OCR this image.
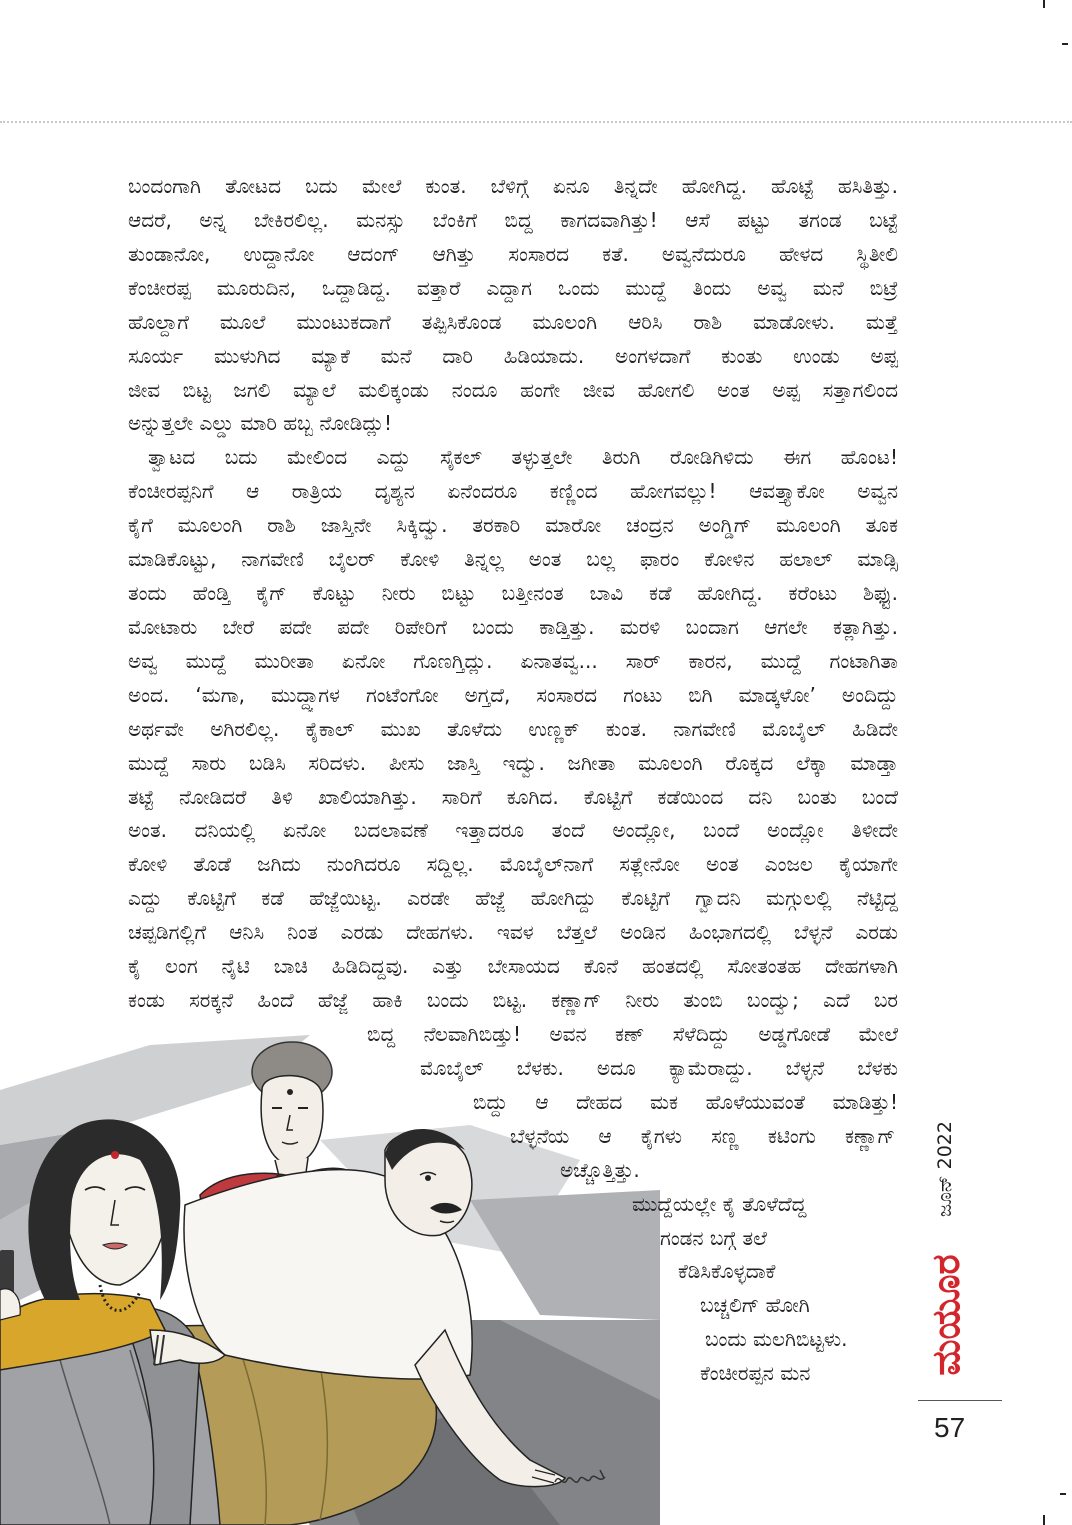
ಬಂದಂಗಾಗಿ ತೋಟದ ಬದು ಮೇಲೆ ಕುಂತ. ಬೆಳಿಗ್ಗೆ ಏನೂ ತಿನ್ನದೇ ಹೋಗಿದ್ದ. ಹೊಟ್ಟೆ ಹಸಿತಿತ್ತು.
ಆದರೆ, ಅನ್ನ ಬೇಕಿರಲಿಲ್ಲ. ಮನಸ್ಸು ಬೆಂಕಿಗೆ ಬಿದ್ದ ಕಾಗದವಾಗಿತ್ತು! ಆಸೆ ಪಟ್ಟು ತಗಂಡ ಬಟ್ಟೆ
ತುಂಡಾನೋ, ಉದ್ದಾನೋ ಆದಂಗ್ ಆಗಿತ್ತು ಸಂಸಾರದ ಕತೆ. ಅವ್ವನೆದುರೂ ಹೇಳದ ಸ್ಥಿತೀಲಿ
ಕೆಂಚೀರಪ್ಪ ಮೂರುದಿನ, ಒದ್ದಾಡಿದ್ದ. ವತ್ತಾರೆ ಎದ್ದಾಗ ಒಂದು ಮುದ್ದೆ ತಿಂದು ಅವ್ವ ಮನೆ ಬಿಟ್ರೆ
ಹೊಲ್ದಾಗೆ ಮೂಲೆ ಮುಂಟುಕದಾಗೆ ತಪ್ಪಿಸಿಕೊಂಡ ಮೂಲಂಗಿ ಆರಿಸಿ ರಾಶಿ ಮಾಡೋಳು. ಮತ್ತೆ
ಸೂರ್ಯ ಮುಳುಗಿದ ಮ್ಯಾಕೆ ಮನೆ ದಾರಿ ಹಿಡಿಯಾದು. ಅಂಗಳದಾಗೆ ಕುಂತು ಉಂಡು ಅಪ್ಪ
ಜೀವ ಬಿಟ್ಟ ಜಗಲಿ ಮ್ಯಾಲೆ ಮಲಿಕ್ಕಂಡು ನಂದೂ ಹಂಗೇ ಜೀವ ಹೋಗಲಿ ಅಂತ ಅಪ್ಪ ಸತ್ತಾಗಲಿಂದ
ಅನ್ನುತ್ತಲೇ ಎಲ್ಡು ಮಾರಿ ಹಬ್ಬ ನೋಡಿದ್ಲು!
ತ್ವಾಟದ ಬದು ಮೇಲಿಂದ ಎದ್ದು ಸೈಕಲ್ ತಳ್ಳುತ್ತಲೇ ತಿರುಗಿ ರೋಡಿಗಿಳಿದು ಈಗ ಹೊಂಟ!
ಕೆಂಚೀರಪ್ಪನಿಗೆ ಆ ರಾತ್ರಿಯ ದೃಶ್ಯನ ಏನೆಂದರೂ ಕಣ್ಣಿಂದ ಹೋಗವಲ್ಲು! ಆವತ್ತ್ಯಾಕೋ ಅವ್ವನ
ಕೈಗೆ ಮೂಲಂಗಿ ರಾಶಿ ಜಾಸ್ತಿನೇ ಸಿಕ್ಕಿದ್ವು. ತರಕಾರಿ ಮಾರೋ ಚಂದ್ರನ ಅಂಗ್ಡಿಗ್ ಮೂಲಂಗಿ ತೂಕ
ಮಾಡಿಕೊಟ್ಟು, ನಾಗವೇಣಿ ಬೈಲರ್ ಕೋಳಿ ತಿನ್ನಲ್ಲ ಅಂತ ಬಲ್ಲ ಫಾರಂ ಕೋಳಿನ ಹಲಾಲ್ ಮಾಡ್ಸಿ
ತಂದು ಹೆಂಡ್ತಿ ಕೈಗ್ ಕೊಟ್ಟು ನೀರು ಬಿಟ್ಟು ಬತ್ತೀನಂತ ಬಾವಿ ಕಡೆ ಹೋಗಿದ್ದ. ಕರೆಂಟು ಶಿಫ್ಟು.
ಮೋಟಾರು ಬೇರೆ ಪದೇ ಪದೇ ರಿಪೇರಿಗೆ ಬಂದು ಕಾಡ್ತಿತ್ತು. ಮರಳಿ ಬಂದಾಗ ಆಗಲೇ ಕತ್ಲಾಗಿತ್ತು.
ಅವ್ವ ಮುದ್ದೆ ಮುರೀತಾ ಏನೋ ಗೊಣಗ್ತಿದ್ಲು. ಏನಾತವ್ವ... ಸಾರ್ ಕಾರನ, ಮುದ್ದೆ ಗಂಟಾಗಿತಾ
ಅಂದ. ‘ಮಗಾ, ಮುದ್ದ್ಯಾಗಳ ಗಂಟೆಂಗೋ ಅಗ್ತದೆ, ಸಂಸಾರದ ಗಂಟು ಬಿಗಿ ಮಾಡ್ಕಳೋ’ ಅಂದಿದ್ದು
ಅರ್ಥವೇ ಅಗಿರಲಿಲ್ಲ. ಕೈಕಾಲ್ ಮುಖ ತೊಳೆದು ಉಣ್ಣಕ್ ಕುಂತ. ನಾಗವೇಣಿ ಮೊಬೈಲ್ ಹಿಡಿದೇ
ಮುದ್ದೆ ಸಾರು ಬಡಿಸಿ ಸರಿದಳು. ಪೀಸು ಜಾಸ್ತಿ ಇದ್ವು. ಜಗೀತಾ ಮೂಲಂಗಿ ರೊಕ್ಕದ ಲೆಕ್ಕಾ ಮಾಡ್ತಾ
ತಟ್ಟೆ ನೋಡಿದರೆ ತಿಳಿ ಖಾಲಿಯಾಗಿತ್ತು. ಸಾರಿಗೆ ಕೂಗಿದ. ಕೊಟ್ಟಿಗೆ ಕಡೆಯಿಂದ ದನಿ ಬಂತು ಬಂದೆ
ಅಂತ. ದನಿಯಲ್ಲಿ ಏನೋ ಬದಲಾವಣೆ ಇತ್ತಾದರೂ ತಂದೆ ಅಂದ್ಲೋ, ಬಂದೆ ಅಂದ್ಲೋ ತಿಳೀದೇ
ಕೋಳಿ ತೊಡೆ ಜಗಿದು ನುಂಗಿದರೂ ಸದ್ದಿಲ್ಲ. ಮೊಬೈಲ್‌ನಾಗೆ ಸತ್ಲೇನೋ ಅಂತ ಎಂಜಲ ಕೈಯಾಗೇ
ಎದ್ದು ಕೊಟ್ಟಿಗೆ ಕಡೆ ಹೆಜ್ಜೆಯಿಟ್ಟ. ಎರಡೇ ಹೆಜ್ಜೆ ಹೋಗಿದ್ದು ಕೊಟ್ಟಿಗೆ ಗ್ವಾದನಿ ಮಗ್ಗುಲಲ್ಲಿ ನೆಟ್ಟಿದ್ದ
ಚಪ್ಪಡಿಗಲ್ಲಿಗೆ ಆನಿಸಿ ನಿಂತ ಎರಡು ದೇಹಗಳು. ಇವಳ ಬೆತ್ತಲೆ ಅಂಡಿನ ಹಿಂಭಾಗದಲ್ಲಿ ಬೆಳ್ಳನೆ ಎರಡು
ಕೈ ಲಂಗ ನೈಟಿ ಬಾಚಿ ಹಿಡಿದಿದ್ದವು. ಎತ್ತು ಬೇಸಾಯದ ಕೊನೆ ಹಂತದಲ್ಲಿ ಸೋತಂತಹ ದೇಹಗಳಾಗಿ
ಕಂಡು ಸರಕ್ಕನೆ ಹಿಂದೆ ಹೆಜ್ಜೆ ಹಾಕಿ ಬಂದು ಬಿಟ್ಟ. ಕಣ್ಣಾಗ್ ನೀರು ತುಂಬಿ ಬಂದ್ವು; ಎದೆ ಬರ
ಬಿದ್ದ ನೆಲವಾಗಿಬಿಡ್ತು! ಅವನ ಕಣ್ ಸೆಳೆದಿದ್ದು ಅಡ್ಡಗೋಡೆ ಮೇಲೆ
ಮೊಬೈಲ್ ಬೆಳಕು. ಅದೂ ಕ್ಯಾಮೆರಾದ್ದು. ಬೆಳ್ಳನೆ ಬೆಳಕು
ಬಿದ್ದು ಆ ದೇಹದ ಮಕ ಹೊಳೆಯುವಂತೆ ಮಾಡಿತ್ತು!
ಬೆಳ್ಳನೆಯ ಆ ಕೈಗಳು ಸಣ್ಣ ಕಟಿಂಗು ಕಣ್ಣಾಗ್
ಅಚ್ಚೊತ್ತಿತ್ತು.
ಮುದ್ದೆಯಲ್ಲೇ ಕೈ ತೊಳೆದೆದ್ದ
ಗಂಡನ ಬಗ್ಗೆ ತಲೆ
ಕೆಡಿಸಿಕೊಳ್ಳದಾಕೆ
ಬಚ್ಚಲಿಗ್ ಹೋಗಿ
ಬಂದು ಮಲಗಿಬಿಟ್ಟಳು.
ಕೆಂಚೀರಪ್ಪನ ಮನ
ಜೂನ್ 2022
ಮಯೂರ
57
